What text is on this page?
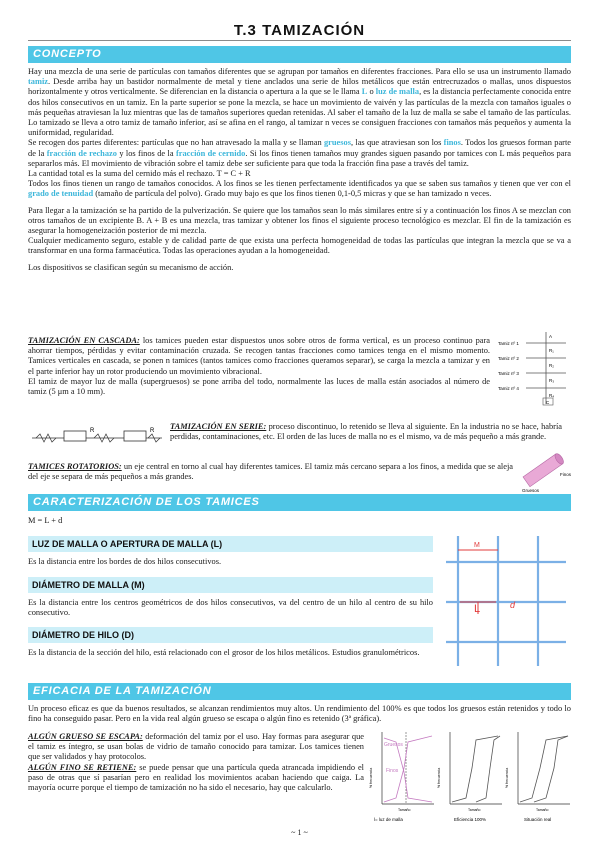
T.3 TAMIZACIÓN
CONCEPTO

Hay una mezcla de una serie de partículas con tamaños diferentes que se agrupan por tamaños en diferentes fracciones. Para ello se usa un instrumento llamado tamiz. Desde arriba hay un bastidor normalmente de metal y tiene anclados una serie de hilos metálicos que están entrecruzados o mallas, unos dispuestos horizontalmente y otros verticalmente. Se diferencian en la distancia o apertura a la que se le llama L o luz de malla, es la distancia perfectamente conocida entre dos hilos consecutivos en un tamiz. En la parte superior se pone la mezcla, se hace un movimiento de vaivén y las partículas de la mezcla con tamaños iguales o más pequeñas atraviesan la luz mientras que las de tamaños superiores quedan retenidas. Al saber el tamaño de la luz de malla se sabe el tamaño de las partículas. Lo tamizado se lleva a otro tamiz de tamaño inferior, así se afina en el rango, al tamizar n veces se consiguen fracciones con tamaños más pequeños y aumenta la uniformidad, regularidad.

Se recogen dos partes diferentes: partículas que no han atravesado la malla y se llaman gruesos, las que atraviesan son los finos. Todos los gruesos forman parte de la fracción de rechazo y los finos de la fracción de cernido. Si los finos tienen tamaños muy grandes siguen pasando por tamices con L más pequeños para separarlos más. El movimiento de vibración sobre el tamiz debe ser suficiente para que toda la fracción fina pase a través del tamiz.

La cantidad total es la suma del cernido más el rechazo. T = C + R

Todos los finos tienen un rango de tamaños conocidos. A los finos se les tienen perfectamente identificados ya que se saben sus tamaños y tienen que ver con el grado de tenuidad (tamaño de partícula del polvo). Grado muy bajo es que los finos tienen 0,1-0,5 micras y que se han tamizado n veces.

Para llegar a la tamización se ha partido de la pulverización. Se quiere que los tamaños sean lo más similares entre sí y a continuación los finos A se mezclan con otros tamaños de un excipiente B. A + B es una mezcla, tras tamizar y obtener los finos el siguiente proceso tecnológico es mezclar. El fin de la tamización es asegurar la homogeneización posterior de mi mezcla.

Cualquier medicamento seguro, estable y de calidad parte de que exista una perfecta homogeneidad de todas las partículas que integran la mezcla que se va a transformar en una forma farmacéutica. Todas las operaciones ayudan a la homogeneidad.

Los dispositivos se clasifican según su mecanismo de acción.

TAMIZACIÓN EN CASCADA: los tamices pueden estar dispuestos unos sobre otros de forma vertical, es un proceso continuo para ahorrar tiempos, pérdidas y evitar contaminación cruzada. Se recogen tantas fracciones como tamices tenga en el mismo momento. Tamices verticales en cascada, se ponen n tamices (tantos tamices como fracciones queramos separar), se carga la mezcla a tamizar y en el parte inferior hay un rotor produciendo un movimiento vibracional.

El tamiz de mayor luz de malla (supergruesos) se pone arriba del todo, normalmente las luces de malla están asociados al número de tamiz (5 μm a 10 mm).

Tamiz nº 1
Tamiz nº 2
Tamiz nº 3
Tamiz nº 4
A
R₁
R₂
R₃
R₄
C
R	R TAMIZACIÓN EN SERIE: proceso discontinuo, lo retenido se lleva al siguiente. En la industria no se hace, habría perdidas, contaminaciones, etc. El orden de las luces de malla no es el mismo, va de más pequeño a más grande.

Finos
Gruesos

TAMICES ROTATORIOS: un eje central en torno al cual hay diferentes tamices. El tamiz más cercano separa a los finos, a medida que se aleja del eje se separa de más pequeños a más grandes.

CARACTERIZACIÓN DE LOS TAMICES
M = L + d
LUZ DE MALLA O APERTURA DE MALLA (L)
Es la distancia entre los bordes de dos hilos consecutivos.
DIÁMETRO DE MALLA (M)
Es la distancia entre los centros geométricos de dos hilos consecutivos, va del centro de un hilo al centro de su hilo consecutivo.
DIÁMETRO DE HILO (D)
Es la distancia de la sección del hilo, está relacionado con el grosor de los hilos metálicos. Estudios granulométricos.
M
L	d
EFICACIA DE LA TAMIZACIÓN
Un proceso eficaz es que da buenos resultados, se alcanzan rendimientos muy altos. Un rendimiento del 100% es que todos los gruesos están retenidos y todo lo fino ha conseguido pasar. Pero en la vida real algún grueso se escapa o algún fino es retenido (3ª gráfica).

ALGÚN GRUESO SE ESCAPA: deformación del tamiz por el uso. Hay formas para asegurar que el tamiz es íntegro, se usan bolas de vidrio de tamaño conocido para tamizar. Los tamices tienen que ser validados y hay protocolos.

ALGÚN FINO SE RETIENE: se puede pensar que una partícula queda atrancada impidiendo el paso de otras que sí pasarían pero en realidad los movimientos acaban haciendo que caiga. La mayoría ocurre porque el tiempo de tamización no ha sido el necesario, hay que calcularlo.

Gruesos
Finos
% frecuencia
Tamaño
l= luz de malla
% frecuencia
Tamaño
Eficiencia 100%
% frecuencia
Tamaño
Situación real
~ 1 ~
